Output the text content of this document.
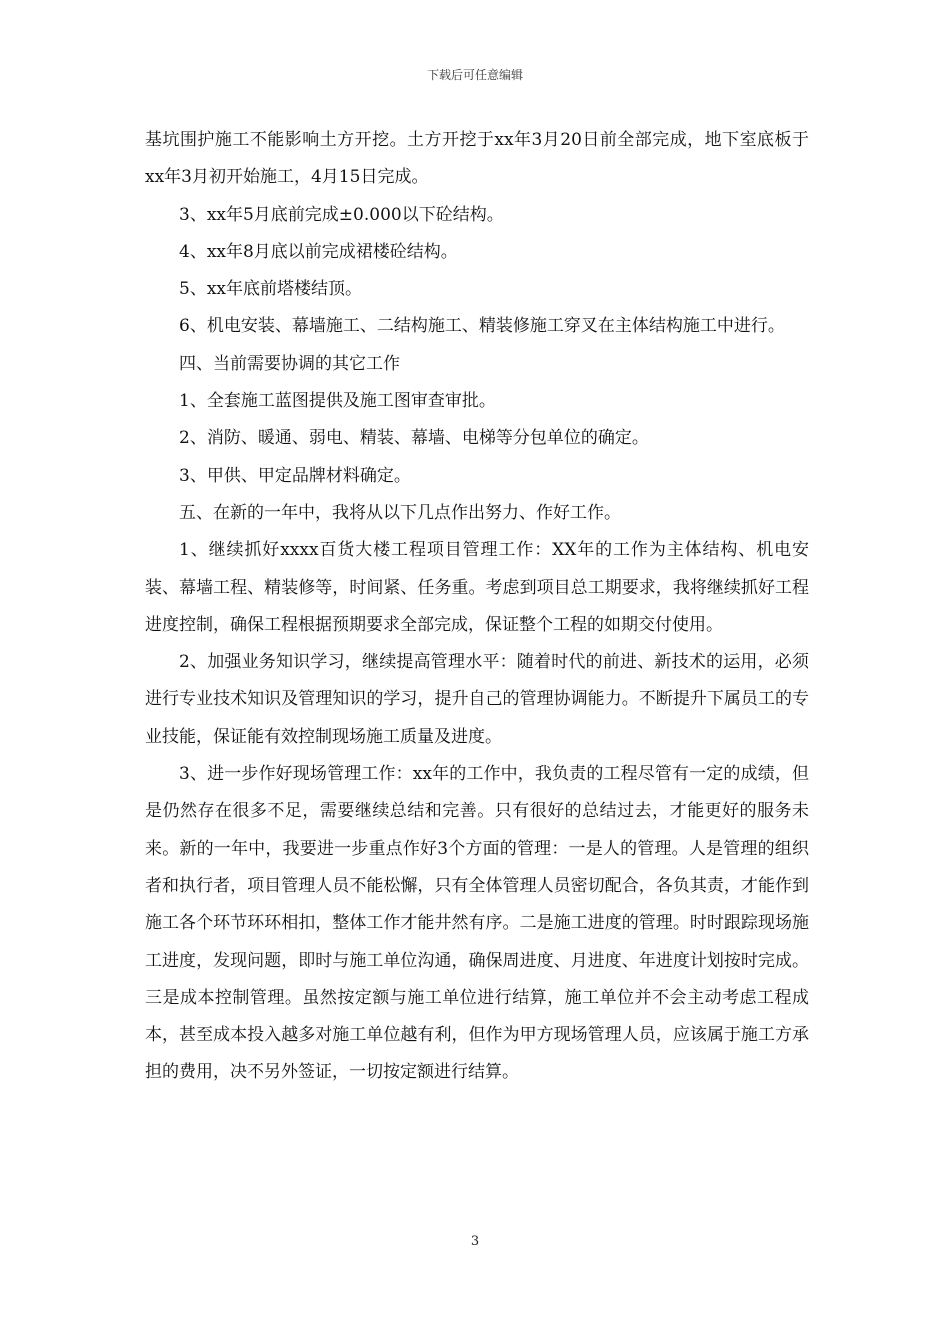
下载后可任意编辑

基坑围护施工不能影响土方开挖。土方开挖于xx年3月20日前全部完成，地下室底板于xx年3月初开始施工，4月15日完成。

3、xx年5月底前完成±0.000以下砼结构。

4、xx年8月底以前完成裙楼砼结构。

5、xx年底前塔楼结顶。

6、机电安装、幕墙施工、二结构施工、精装修施工穿叉在主体结构施工中进行。

四、当前需要协调的其它工作

1、全套施工蓝图提供及施工图审查审批。

2、消防、暖通、弱电、精装、幕墙、电梯等分包单位的确定。

3、甲供、甲定品牌材料确定。

五、在新的一年中，我将从以下几点作出努力、作好工作。

1、继续抓好xxxx百货大楼工程项目管理工作：XX年的工作为主体结构、机电安装、幕墙工程、精装修等，时间紧、任务重。考虑到项目总工期要求，我将继续抓好工程进度控制，确保工程根据预期要求全部完成，保证整个工程的如期交付使用。

2、加强业务知识学习，继续提高管理水平：随着时代的前进、新技术的运用，必须进行专业技术知识及管理知识的学习，提升自己的管理协调能力。不断提升下属员工的专业技能，保证能有效控制现场施工质量及进度。

3、进一步作好现场管理工作：xx年的工作中，我负责的工程尽管有一定的成绩，但是仍然存在很多不足，需要继续总结和完善。只有很好的总结过去，才能更好的服务未来。新的一年中，我要进一步重点作好3个方面的管理：一是人的管理。人是管理的组织者和执行者，项目管理人员不能松懈，只有全体管理人员密切配合，各负其责，才能作到施工各个环节环环相扣，整体工作才能井然有序。二是施工进度的管理。时时跟踪现场施工进度，发现问题，即时与施工单位沟通，确保周进度、月进度、年进度计划按时完成。三是成本控制管理。虽然按定额与施工单位进行结算，施工单位并不会主动考虑工程成本，甚至成本投入越多对施工单位越有利，但作为甲方现场管理人员，应该属于施工方承担的费用，决不另外签证，一切按定额进行结算。

3
